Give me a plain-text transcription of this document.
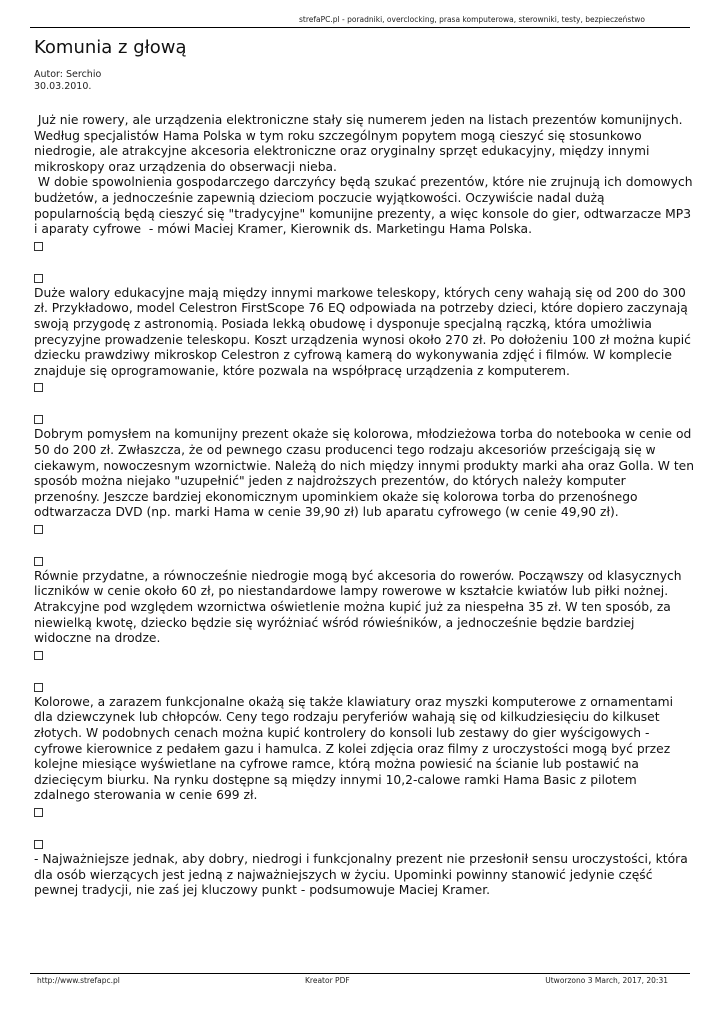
strefaPC.pl - poradniki, overclocking, prasa komputerowa, sterowniki, testy, bezpieczeństwo
Komunia z głową
Autor: Serchio
30.03.2010.

Już nie rowery, ale urządzenia elektroniczne stały się numerem jeden na listach prezentów komunijnych. Według specjalistów Hama Polska w tym roku szczególnym popytem mogą cieszyć się stosunkowo niedrogie, ale atrakcyjne akcesoria elektroniczne oraz oryginalny sprzęt edukacyjny, między innymi mikroskopy oraz urządzenia do obserwacji nieba.
W dobie spowolnienia gospodarczego darczyńcy będą szukać prezentów, które nie zrujnują ich domowych budżetów, a jednocześnie zapewnią dzieciom poczucie wyjątkowości. Oczywiście nadal dużą popularnością będą cieszyć się "tradycyjne" komunijne prezenty, a więc konsole do gier, odtwarzacze MP3 i aparaty cyfrowe  - mówi Maciej Kramer, Kierownik ds. Marketingu Hama Polska.

Duże walory edukacyjne mają między innymi markowe teleskopy, których ceny wahają się od 200 do 300 zł. Przykładowo, model Celestron FirstScope 76 EQ odpowiada na potrzeby dzieci, które dopiero zaczynają swoją przygodę z astronomią. Posiada lekką obudowę i dysponuje specjalną rączką, która umożliwia precyzyjne prowadzenie teleskopu. Koszt urządzenia wynosi około 270 zł. Po dołożeniu 100 zł można kupić dziecku prawdziwy mikroskop Celestron z cyfrową kamerą do wykonywania zdjęć i filmów. W komplecie znajduje się oprogramowanie, które pozwala na współpracę urządzenia z komputerem.

Dobrym pomysłem na komunijny prezent okaże się kolorowa, młodzieżowa torba do notebooka w cenie od 50 do 200 zł. Zwłaszcza, że od pewnego czasu producenci tego rodzaju akcesoriów prześcigają się w ciekawym, nowoczesnym wzornictwie. Należą do nich między innymi produkty marki aha oraz Golla. W ten sposób można niejako "uzupełnić" jeden z najdroższych prezentów, do których należy komputer przenośny. Jeszcze bardziej ekonomicznym upominkiem okaże się kolorowa torba do przenośnego odtwarzacza DVD (np. marki Hama w cenie 39,90 zł) lub aparatu cyfrowego (w cenie 49,90 zł).

Równie przydatne, a równocześnie niedrogie mogą być akcesoria do rowerów. Począwszy od klasycznych liczników w cenie około 60 zł, po niestandardowe lampy rowerowe w kształcie kwiatów lub piłki nożnej. Atrakcyjne pod względem wzornictwa oświetlenie można kupić już za niespełna 35 zł. W ten sposób, za niewielką kwotę, dziecko będzie się wyróżniać wśród rówieśników, a jednocześnie będzie bardziej widoczne na drodze.

Kolorowe, a zarazem funkcjonalne okażą się także klawiatury oraz myszki komputerowe z ornamentami dla dziewczynek lub chłopców. Ceny tego rodzaju peryferiów wahają się od kilkudziesięciu do kilkuset złotych. W podobnych cenach można kupić kontrolery do konsoli lub zestawy do gier wyścigowych - cyfrowe kierownice z pedałem gazu i hamulca. Z kolei zdjęcia oraz filmy z uroczystości mogą być przez kolejne miesiące wyświetlane na cyfrowe ramce, którą można powiesić na ścianie lub postawić na dziecięcym biurku. Na rynku dostępne są między innymi 10,2-calowe ramki Hama Basic z pilotem zdalnego sterowania w cenie 699 zł.

- Najważniejsze jednak, aby dobry, niedrogi i funkcjonalny prezent nie przesłonił sensu uroczystości, która dla osób wierzących jest jedną z najważniejszych w życiu. Upominki powinny stanowić jedynie część pewnej tradycji, nie zaś jej kluczowy punkt - podsumowuje Maciej Kramer.

http://www.strefapc.pl	Kreator PDF	Utworzono 3 March, 2017, 20:31
